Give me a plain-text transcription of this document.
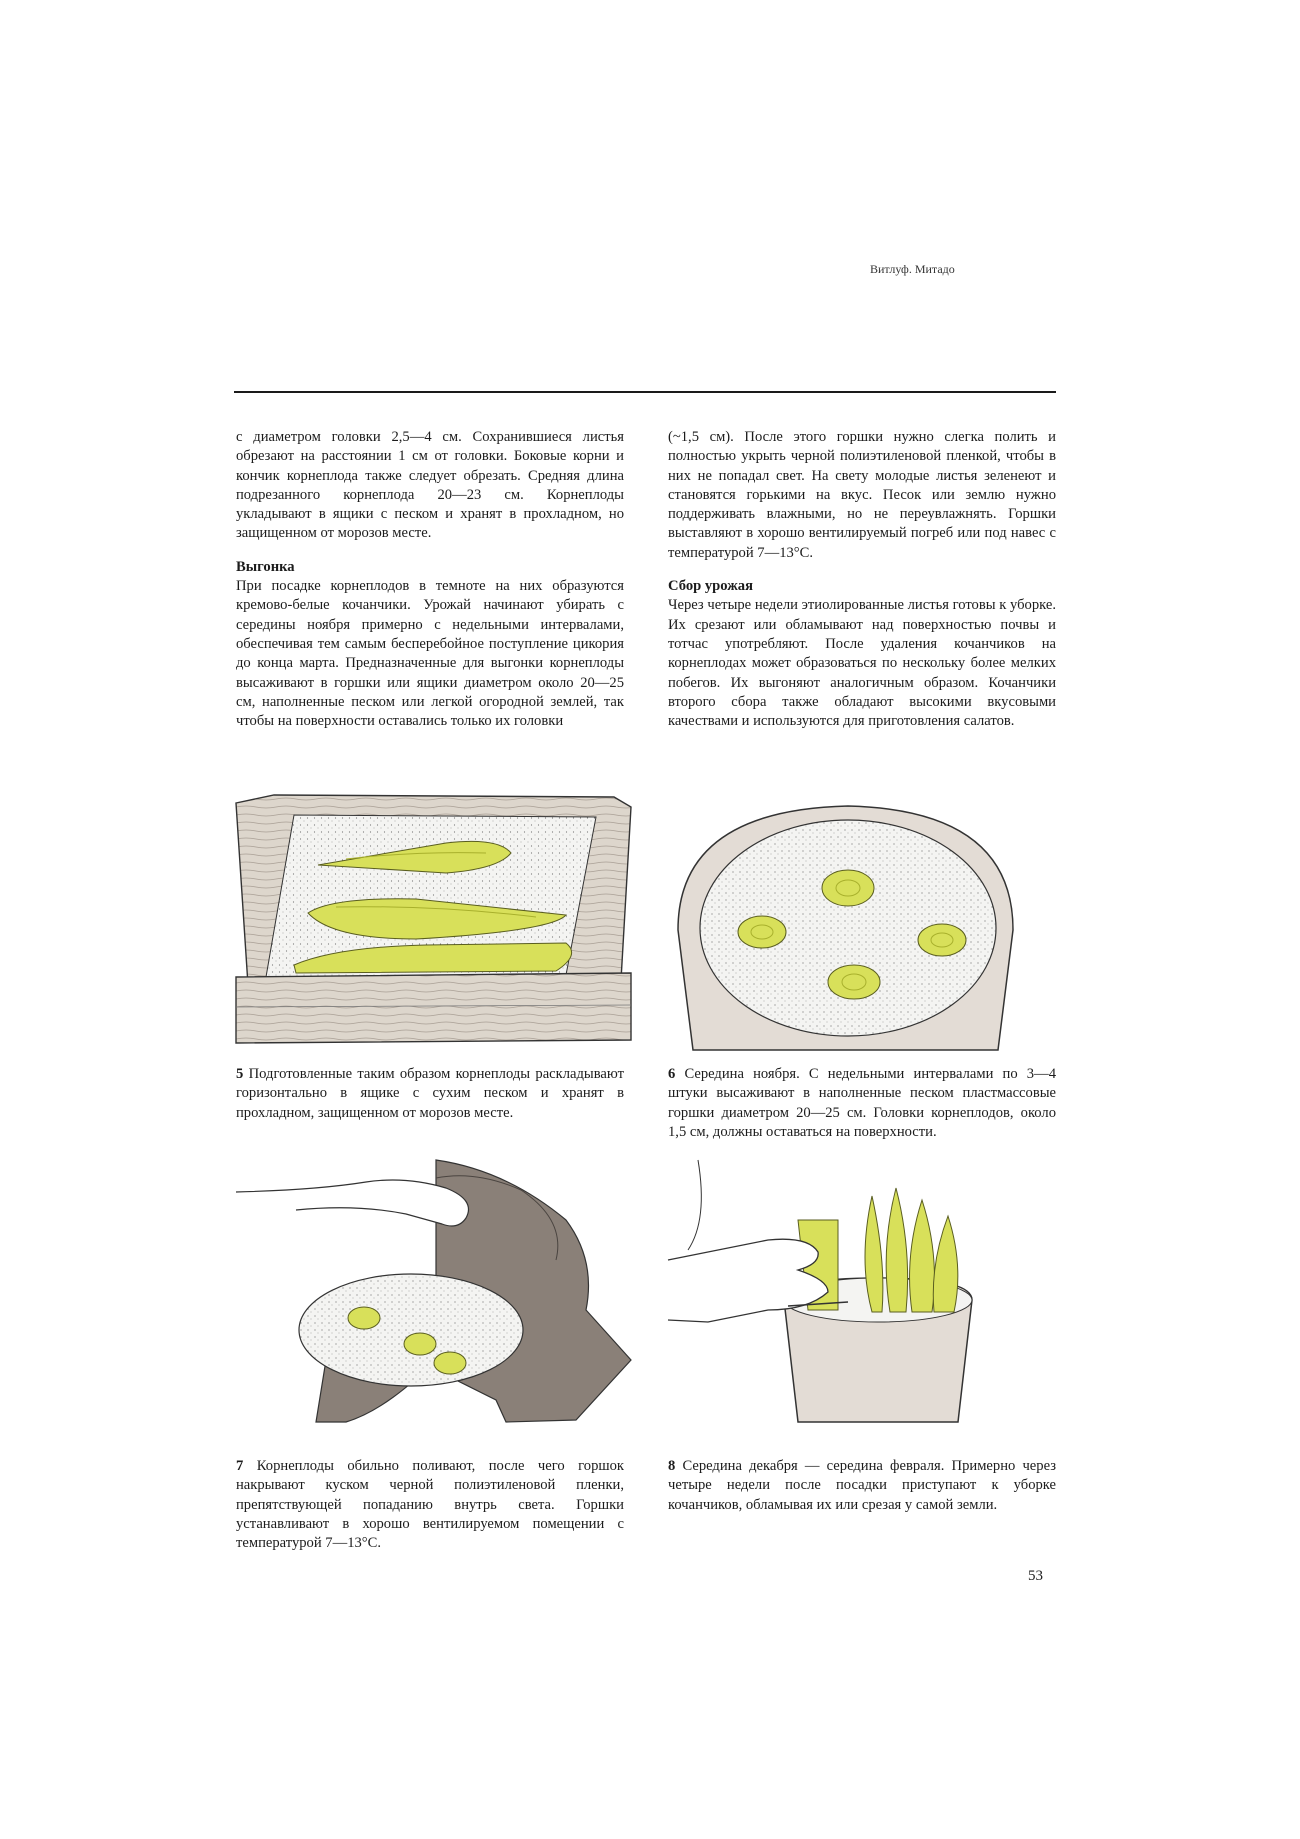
Витлуф. Митадо

с диаметром головки 2,5—4 см. Сохранившиеся листья обрезают на расстоянии 1 см от головки. Боковые корни и кончик корнеплода также следует обрезать. Средняя длина подрезанного корнеплода 20—23 см. Корнеплоды укладывают в ящики с песком и хранят в прохладном, но защищенном от морозов месте.

Выгонка

При посадке корнеплодов в темноте на них образуются кремово-белые кочанчики. Урожай начинают убирать с середины ноября примерно с недельными интервалами, обеспечивая тем самым бесперебойное поступление цикория до конца марта. Предназначенные для выгонки корнеплоды высаживают в горшки или ящики диаметром около 20—25 см, наполненные песком или легкой огородной землей, так чтобы на поверхности оставались только их головки

(~1,5 см). После этого горшки нужно слегка полить и полностью укрыть черной полиэтиленовой пленкой, чтобы в них не попадал свет. На свету молодые листья зеленеют и становятся горькими на вкус. Песок или землю нужно поддерживать влажными, но не переувлажнять. Горшки выставляют в хорошо вентилируемый погреб или под навес с температурой 7—13°С.

Сбор урожая

Через четыре недели этиолированные листья готовы к уборке. Их срезают или обламывают над поверхностью почвы и тотчас употребляют. После удаления кочанчиков на корнеплодах может образоваться по нескольку более мелких побегов. Их выгоняют аналогичным образом. Кочанчики второго сбора также обладают высокими вкусовыми качествами и используются для приготовления салатов.

5 Подготовленные таким образом корнеплоды раскладывают горизонтально в ящике с сухим песком и хранят в прохладном, защищенном от морозов месте.
6 Середина ноября. С недельными интервалами по 3—4 штуки высаживают в наполненные песком пластмассовые горшки диаметром 20—25 см. Головки корнеплодов, около 1,5 см, должны оставаться на поверхности.
7 Корнеплоды обильно поливают, после чего горшок накрывают куском черной полиэтиленовой пленки, препятствующей попаданию внутрь света. Горшки устанавливают в хорошо вентилируемом помещении с температурой 7—13°С.
8 Середина декабря — середина февраля. Примерно через четыре недели после посадки приступают к уборке кочанчиков, обламывая их или срезая у самой земли.
53
